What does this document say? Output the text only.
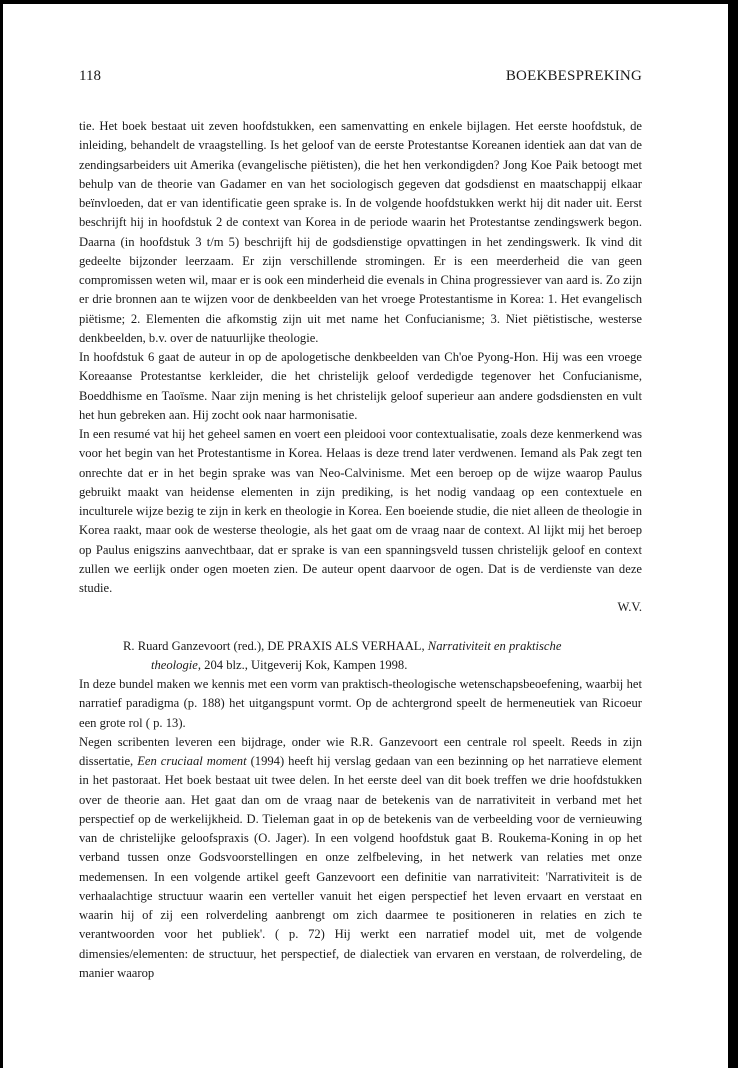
118	BOEKBESPREKING

tie. Het boek bestaat uit zeven hoofdstukken, een samenvatting en enkele bijlagen. Het eerste hoofdstuk, de inleiding, behandelt de vraagstelling. Is het geloof van de eerste Protestantse Koreanen identiek aan dat van de zendingsarbeiders uit Amerika (evangelische piëtisten), die het hen verkondigden? Jong Koe Paik betoogt met behulp van de theorie van Gadamer en van het sociologisch gegeven dat godsdienst en maatschappij elkaar beïnvloeden, dat er van identificatie geen sprake is. In de volgende hoofdstukken werkt hij dit nader uit. Eerst beschrijft hij in hoofdstuk 2 de context van Korea in de periode waarin het Protestantse zendingswerk begon. Daarna (in hoofdstuk 3 t/m 5) beschrijft hij de godsdienstige opvattingen in het zendingswerk. Ik vind dit gedeelte bijzonder leerzaam. Er zijn verschillende stromingen. Er is een meerderheid die van geen compromissen weten wil, maar er is ook een minderheid die evenals in China progressiever van aard is. Zo zijn er drie bronnen aan te wijzen voor de denkbeelden van het vroege Protestantisme in Korea: 1. Het evangelisch piëtisme; 2. Elementen die afkomstig zijn uit met name het Confucianisme; 3. Niet piëtistische, westerse denkbeelden, b.v. over de natuurlijke theologie.

In hoofdstuk 6 gaat de auteur in op de apologetische denkbeelden van Ch'oe Pyong-Hon. Hij was een vroege Koreaanse Protestantse kerkleider, die het christelijk geloof verdedigde tegenover het Confucianisme, Boeddhisme en Taoïsme. Naar zijn mening is het christelijk geloof superieur aan andere godsdiensten en vult het hun gebreken aan. Hij zocht ook naar harmonisatie.

In een resumé vat hij het geheel samen en voert een pleidooi voor contextualisatie, zoals deze kenmerkend was voor het begin van het Protestantisme in Korea. Helaas is deze trend later verdwenen. Iemand als Pak zegt ten onrechte dat er in het begin sprake was van Neo-Calvinisme. Met een beroep op de wijze waarop Paulus gebruikt maakt van heidense elementen in zijn prediking, is het nodig vandaag op een contextuele en inculturele wijze bezig te zijn in kerk en theologie in Korea. Een boeiende studie, die niet alleen de theologie in Korea raakt, maar ook de westerse theologie, als het gaat om de vraag naar de context. Al lijkt mij het beroep op Paulus enigszins aanvechtbaar, dat er sprake is van een spanningsveld tussen christelijk geloof en context zullen we eerlijk onder ogen moeten zien. De auteur opent daarvoor de ogen. Dat is de verdienste van deze studie.

W.V.

R. Ruard Ganzevoort (red.), DE PRAXIS ALS VERHAAL, Narrativiteit en praktische
theologie, 204 blz., Uitgeverij Kok, Kampen 1998.

In deze bundel maken we kennis met een vorm van praktisch-theologische wetenschapsbeoefening, waarbij het narratief paradigma (p. 188) het uitgangspunt vormt. Op de achtergrond speelt de hermeneutiek van Ricoeur een grote rol ( p. 13).

Negen scribenten leveren een bijdrage, onder wie R.R. Ganzevoort een centrale rol speelt. Reeds in zijn dissertatie, Een cruciaal moment (1994) heeft hij verslag gedaan van een bezinning op het narratieve element in het pastoraat. Het boek bestaat uit twee delen. In het eerste deel van dit boek treffen we drie hoofdstukken over de theorie aan. Het gaat dan om de vraag naar de betekenis van de narrativiteit in verband met het perspectief op de werkelijkheid. D. Tieleman gaat in op de betekenis van de verbeelding voor de vernieuwing van de christelijke geloofspraxis (O. Jager). In een volgend hoofdstuk gaat B. Roukema-Koning in op het verband tussen onze Godsvoorstellingen en onze zelfbeleving, in het netwerk van relaties met onze medemensen. In een volgende artikel geeft Ganzevoort een definitie van narrativiteit: 'Narrativiteit is de verhaalachtige structuur waarin een verteller vanuit het eigen perspectief het leven ervaart en verstaat en waarin hij of zij een rolverdeling aanbrengt om zich daarmee te positioneren in relaties en zich te verantwoorden voor het publiek'. ( p. 72) Hij werkt een narratief model uit, met de volgende dimensies/elementen: de structuur, het perspectief, de dialectiek van ervaren en verstaan, de rolverdeling, de manier waarop
